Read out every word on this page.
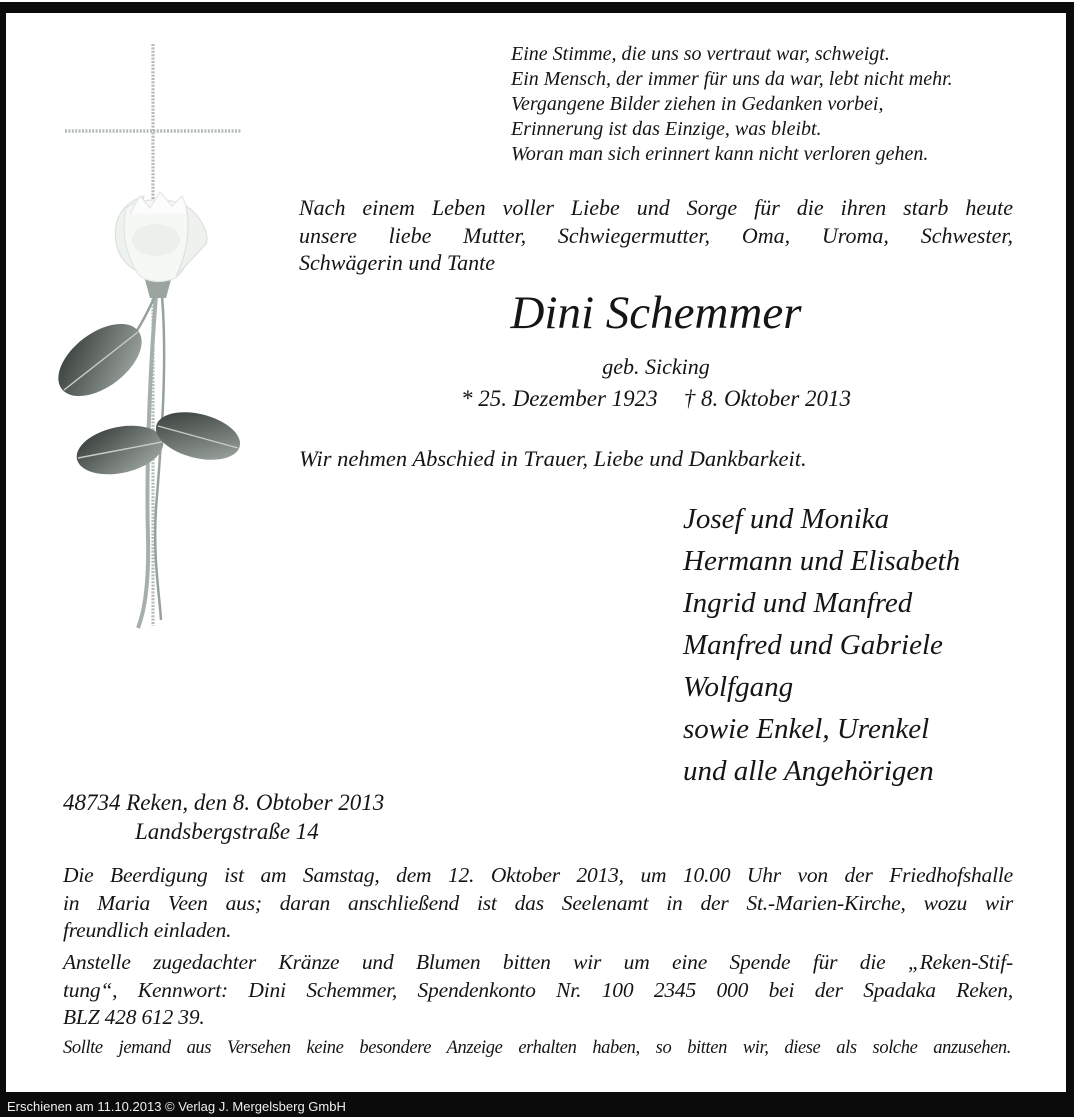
Eine Stimme, die uns so vertraut war, schweigt.
Ein Mensch, der immer für uns da war, lebt nicht mehr.
Vergangene Bilder ziehen in Gedanken vorbei,
Erinnerung ist das Einzige, was bleibt.
Woran man sich erinnert kann nicht verloren gehen.
Nach einem Leben voller Liebe und Sorge für die ihren starb heute
unsere liebe Mutter, Schwiegermutter, Oma, Uroma, Schwester,
Schwägerin und Tante
Dini Schemmer
geb. Sicking
* 25. Dezember 1923 † 8. Oktober 2013
Wir nehmen Abschied in Trauer, Liebe und Dankbarkeit.
Josef und Monika
Hermann und Elisabeth
Ingrid und Manfred
Manfred und Gabriele
Wolfgang
sowie Enkel, Urenkel
und alle Angehörigen
48734 Reken, den 8. Obtober 2013
Landsbergstraße 14
Die Beerdigung ist am Samstag, dem 12. Oktober 2013, um 10.00 Uhr von der Friedhofshalle
in Maria Veen aus; daran anschließend ist das Seelenamt in der St.-Marien-Kirche, wozu wir
freundlich einladen.
Anstelle zugedachter Kränze und Blumen bitten wir um eine Spende für die „Reken-Stif-
tung“, Kennwort: Dini Schemmer, Spendenkonto Nr. 100 2345 000 bei der Spadaka Reken,
BLZ 428 612 39.
Sollte jemand aus Versehen keine besondere Anzeige erhalten haben, so bitten wir, diese als solche anzusehen.
Erschienen am 11.10.2013 © Verlag J. Mergelsberg GmbH
